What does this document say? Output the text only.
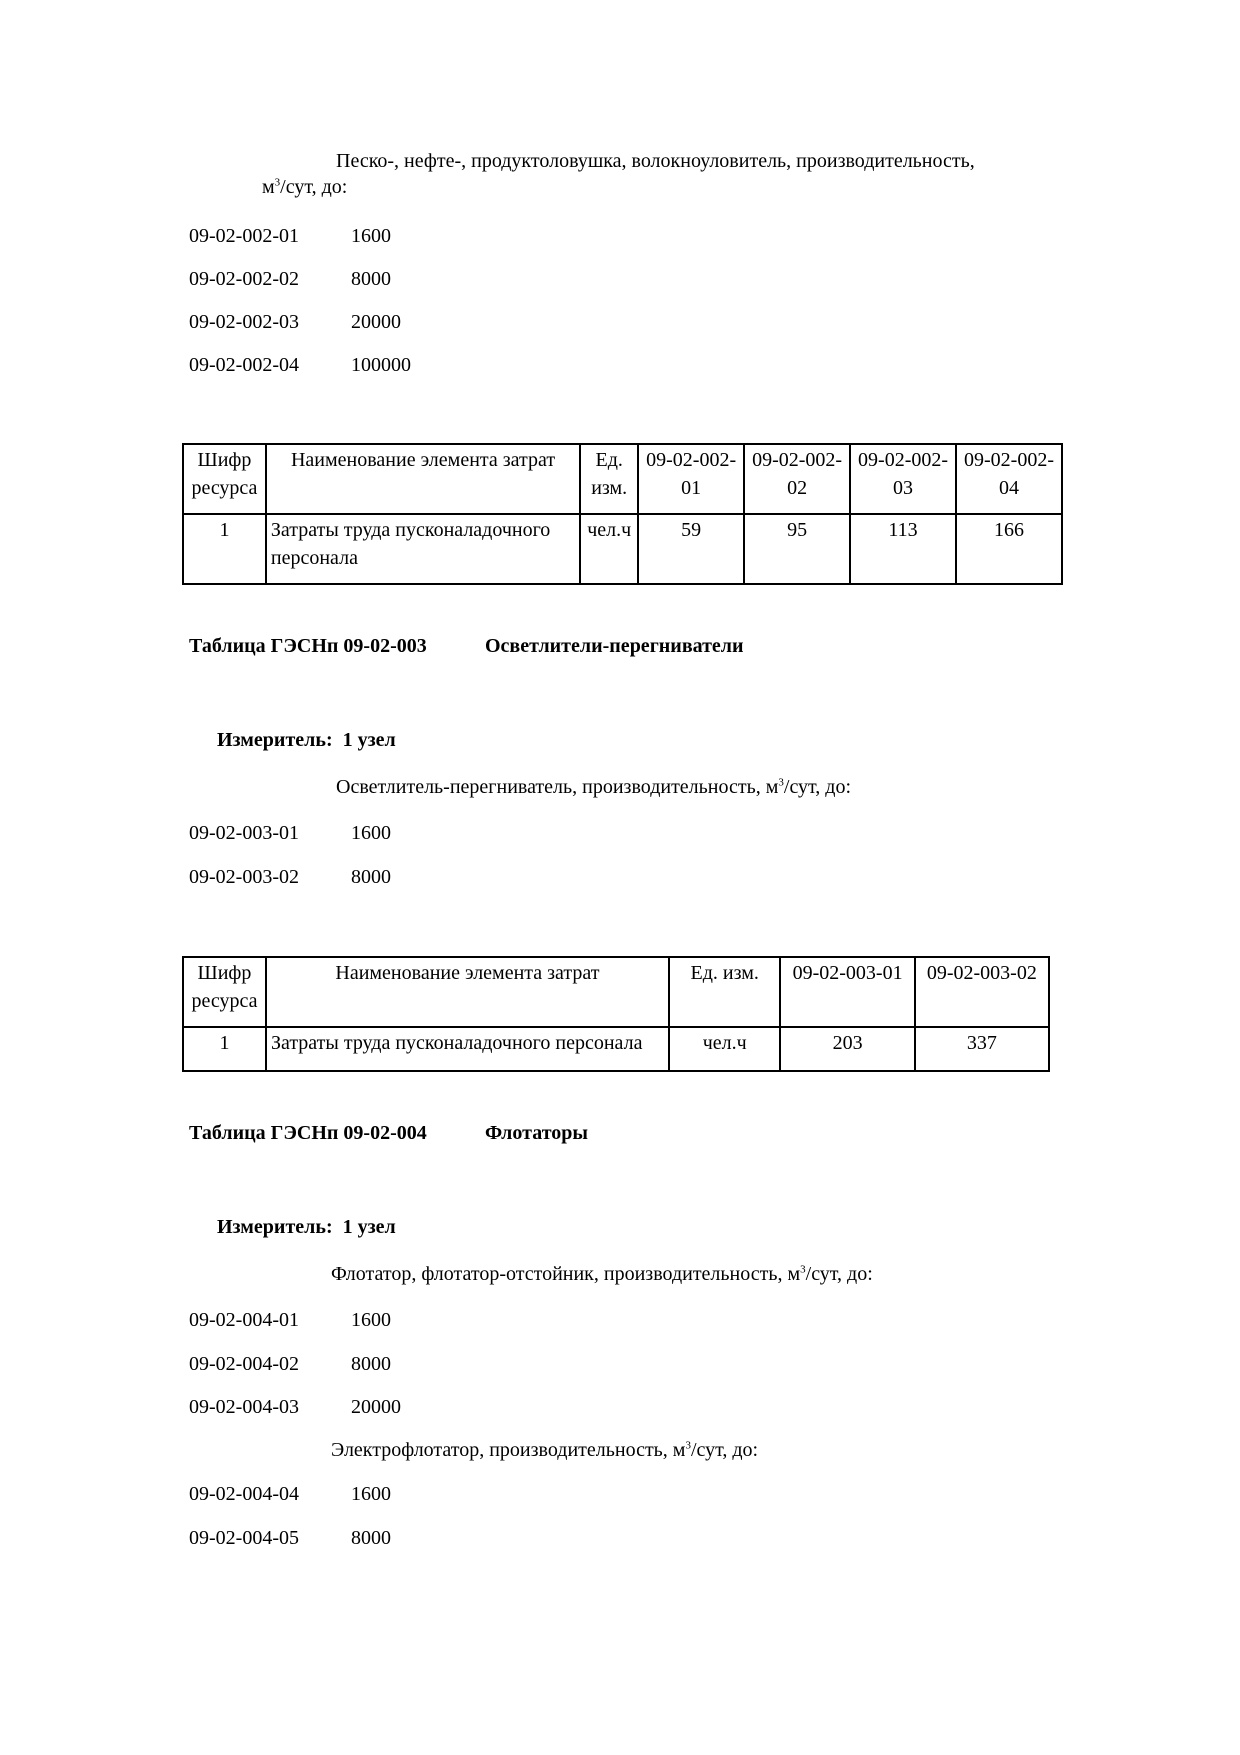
Песко-, нефте-, продуктоловушка, волокноуловитель, производительность,
$м^3$/сут, до:
09-02-002-01	1600
09-02-002-02	8000
09-02-002-03	20000
09-02-002-04	100000
Шифр ресурса	Наименование элемента затрат	Ед. изм.	09-02-002-01	09-02-002-02	09-02-002-03	09-02-002-04
1	Затраты труда пусконаладочного персонала	чел.ч	59	95	113	166
Таблица ГЭСНп 09-02-003	Осветлители-перегниватели
Измеритель:  1 узел
Осветлитель-перегниватель, производительность, $м^3$/сут, до:
09-02-003-01	1600
09-02-003-02	8000
Шифр ресурса	Наименование элемента затрат	Ед. изм.	09-02-003-01	09-02-003-02
1	Затраты труда пусконаладочного персонала	чел.ч	203	337
Таблица ГЭСНп 09-02-004	Флотаторы
Измеритель:  1 узел
Флотатор, флотатор-отстойник, производительность, $м^3$/сут, до:
09-02-004-01	1600
09-02-004-02	8000
09-02-004-03	20000
Электрофлотатор, производительность, $м^3$/сут, до:
09-02-004-04	1600
09-02-004-05	8000
